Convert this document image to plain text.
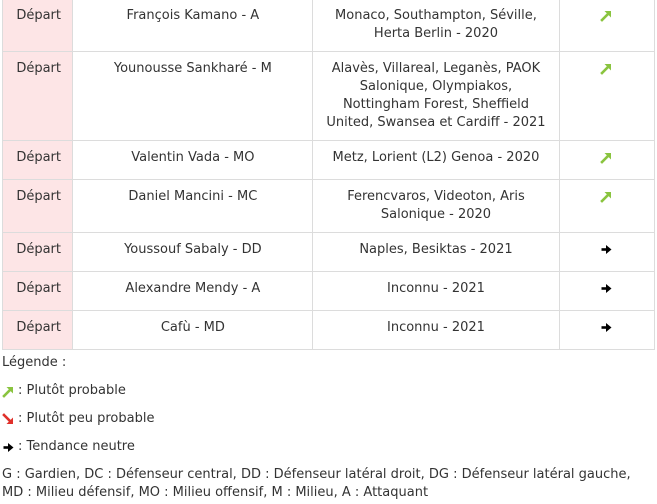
Départ	François Kamano - A	Monaco, Southampton, Séville, Herta Berlin - 2020	

Départ	Younousse Sankharé - M	Alavès, Villareal, Leganès, PAOK Salonique, Olympiakos, Nottingham Forest, Sheffield United, Swansea et Cardiff - 2021	

Départ	Valentin Vada - MO	Metz, Lorient (L2) Genoa - 2020	

Départ	Daniel Mancini - MC	Ferencvaros, Videoton, Aris Salonique - 2020	

Départ	Youssouf Sabaly - DD	Naples, Besiktas - 2021	

Départ	Alexandre Mendy - A	Inconnu - 2021	

Départ	Cafù - MD	Inconnu - 2021	
Légende :
: Plutôt probable
: Plutôt peu probable
: Tendance neutre
G : Gardien, DC : Défenseur central, DD : Défenseur latéral droit, DG : Défenseur latéral gauche,
MD : Milieu défensif, MO : Milieu offensif, M : Milieu, A : Attaquant
